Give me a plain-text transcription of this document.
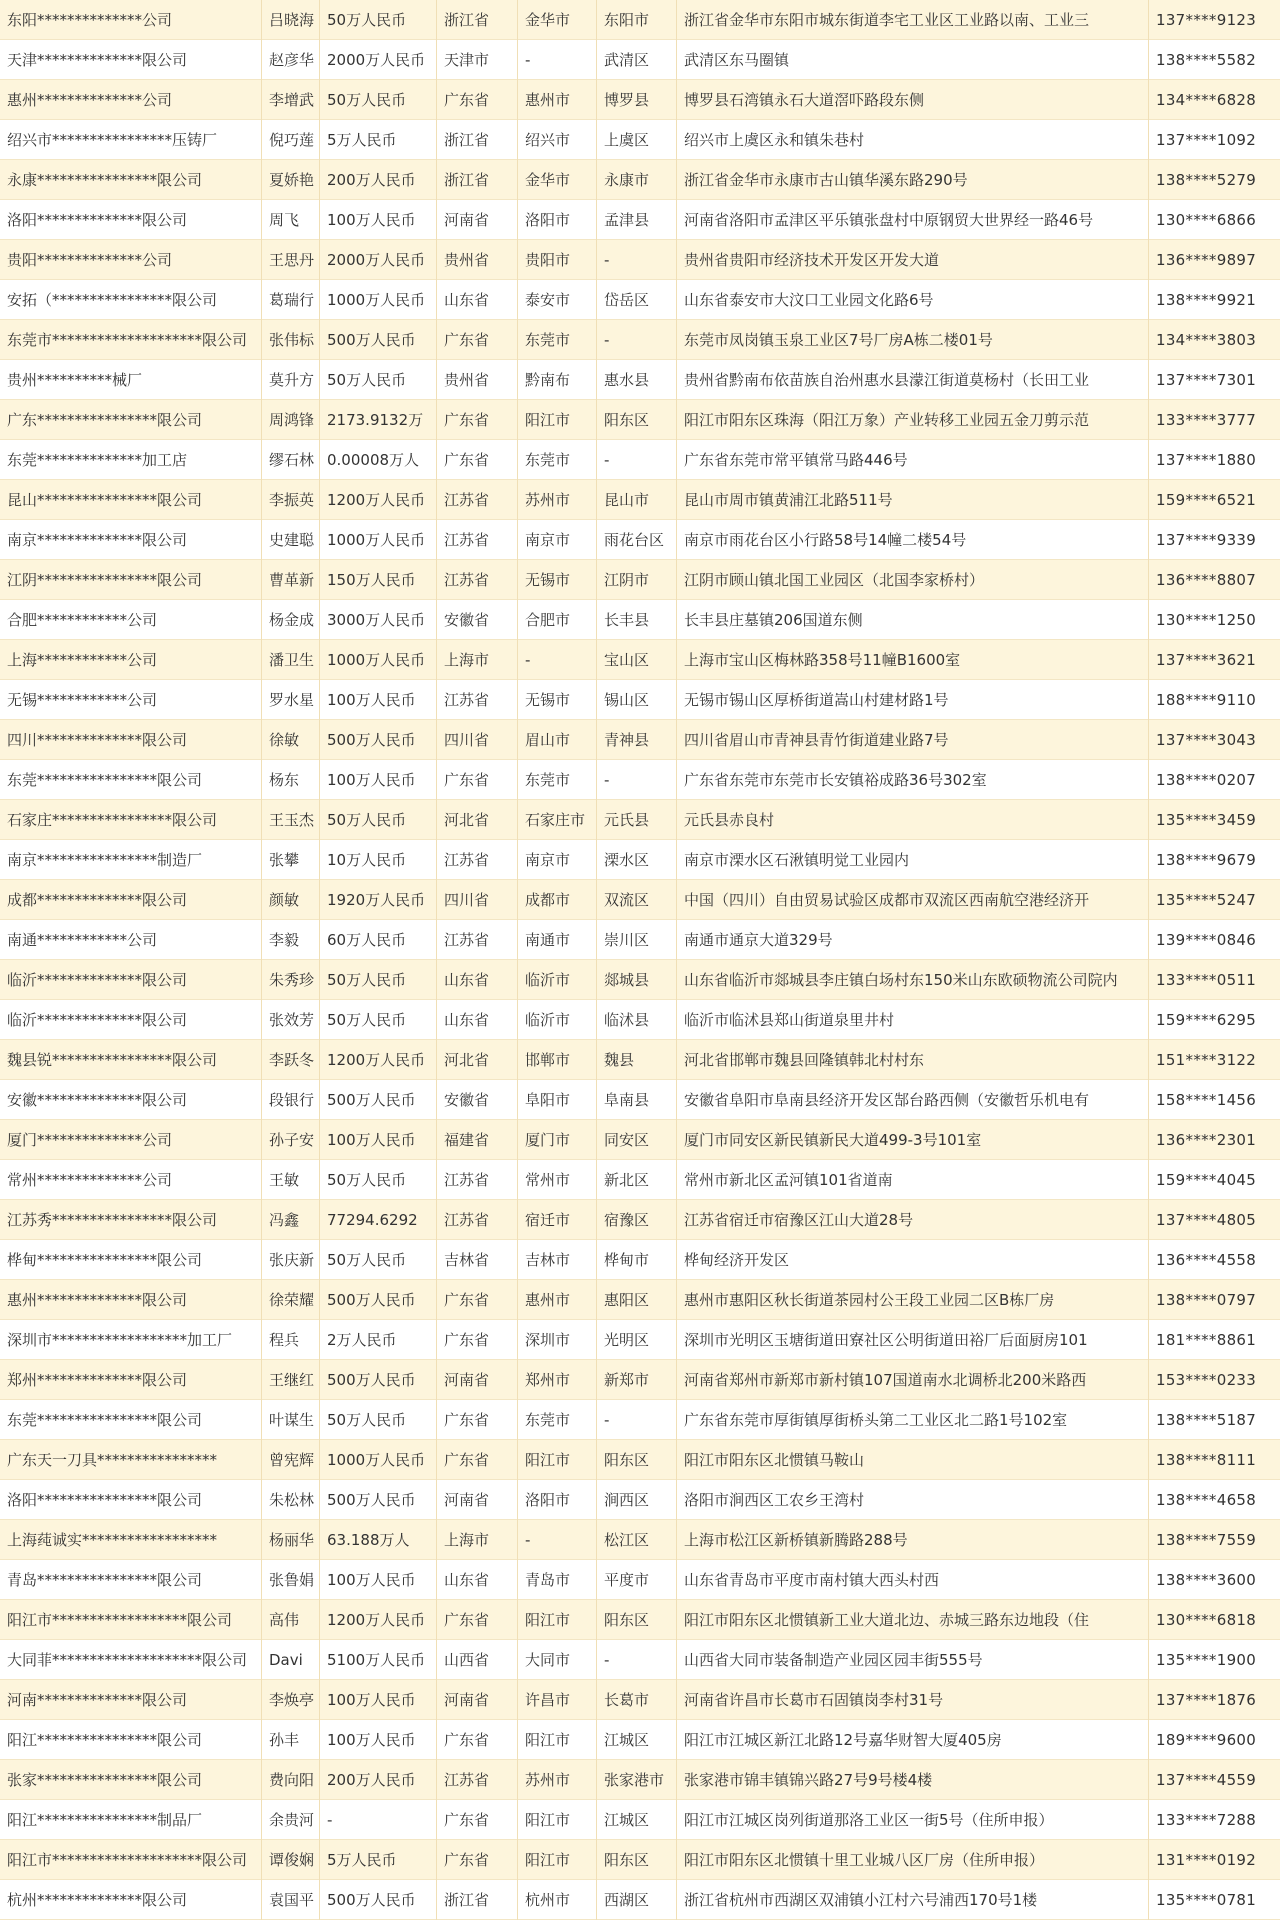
东阳**************公司	吕晓海 50万人民币	浙江省	金华市	东阳市	浙江省金华市东阳市城东街道李宅工业区工业路以南、工业三	137****9123
天津**************限公司	赵彦华 2000万人民币	天津市	-	武清区	武清区东马圈镇	138****5582
惠州**************公司	李增武 50万人民币	广东省	惠州市	博罗县	博罗县石湾镇永石大道滘吓路段东侧	134****6828
绍兴市****************压铸厂	倪巧莲 5万人民币	浙江省	绍兴市	上虞区	绍兴市上虞区永和镇朱巷村	137****1092
永康****************限公司	夏娇艳 200万人民币	浙江省	金华市	永康市	浙江省金华市永康市古山镇华溪东路290号	138****5279
洛阳**************限公司	周飞	100万人民币	河南省	洛阳市	孟津县	河南省洛阳市孟津区平乐镇张盘村中原钢贸大世界经一路46号	130****6866
贵阳**************公司	王思丹 2000万人民币	贵州省	贵阳市	-	贵州省贵阳市经济技术开发区开发大道	136****9897
安拓（****************限公司	葛瑞行 1000万人民币	山东省	泰安市	岱岳区	山东省泰安市大汶口工业园文化路6号	138****9921
东莞市********************限公司	张伟标 500万人民币	广东省	东莞市	-	东莞市凤岗镇玉泉工业区7号厂房A栋二楼01号	134****3803
贵州**********械厂	莫升方 50万人民币	贵州省	黔南布	惠水县	贵州省黔南布依苗族自治州惠水县濛江街道莫杨村（长田工业	137****7301
广东****************限公司	周鸿锋 2173.9132万	广东省	阳江市	阳东区	阳江市阳东区珠海（阳江万象）产业转移工业园五金刀剪示范	133****3777
东莞**************加工店	缪石林 0.00008万人	广东省	东莞市	-	广东省东莞市常平镇常马路446号	137****1880
昆山****************限公司	李振英 1200万人民币	江苏省	苏州市	昆山市	昆山市周市镇黄浦江北路511号	159****6521
南京**************限公司	史建聪 1000万人民币	江苏省	南京市	雨花台区	南京市雨花台区小行路58号14幢二楼54号	137****9339
江阴****************限公司	曹革新 150万人民币	江苏省	无锡市	江阴市	江阴市顾山镇北国工业园区（北国李家桥村）	136****8807
合肥************公司	杨金成 3000万人民币	安徽省	合肥市	长丰县	长丰县庄墓镇206国道东侧	130****1250
上海************公司	潘卫生 1000万人民币	上海市	-	宝山区	上海市宝山区梅林路358号11幢B1600室	137****3621
无锡************公司	罗水星 100万人民币	江苏省	无锡市	锡山区	无锡市锡山区厚桥街道嵩山村建材路1号	188****9110
四川**************限公司	徐敏	500万人民币	四川省	眉山市	青神县	四川省眉山市青神县青竹街道建业路7号	137****3043
东莞****************限公司	杨东	100万人民币	广东省	东莞市	-	广东省东莞市东莞市长安镇裕成路36号302室	138****0207
石家庄****************限公司	王玉杰 50万人民币	河北省	石家庄市	元氏县	元氏县赤良村	135****3459
南京****************制造厂	张攀	10万人民币	江苏省	南京市	溧水区	南京市溧水区石湫镇明觉工业园内	138****9679
成都**************限公司	颜敏	1920万人民币	四川省	成都市	双流区	中国（四川）自由贸易试验区成都市双流区西南航空港经济开	135****5247
南通************公司	李毅	60万人民币	江苏省	南通市	崇川区	南通市通京大道329号	139****0846
临沂**************限公司	朱秀珍 50万人民币	山东省	临沂市	郯城县	山东省临沂市郯城县李庄镇白场村东150米山东欧硕物流公司院内	133****0511
临沂**************限公司	张效芳 50万人民币	山东省	临沂市	临沭县	临沂市临沭县郑山街道泉里井村	159****6295
魏县锐****************限公司	李跃冬 1200万人民币	河北省	邯郸市	魏县	河北省邯郸市魏县回隆镇韩北村村东	151****3122
安徽**************限公司	段银行 500万人民币	安徽省	阜阳市	阜南县	安徽省阜阳市阜南县经济开发区郜台路西侧（安徽哲乐机电有	158****1456
厦门**************公司	孙子安 100万人民币	福建省	厦门市	同安区	厦门市同安区新民镇新民大道499-3号101室	136****2301
常州**************公司	王敏	50万人民币	江苏省	常州市	新北区	常州市新北区孟河镇101省道南	159****4045
江苏秀****************限公司	冯鑫	77294.6292	江苏省	宿迁市	宿豫区	江苏省宿迁市宿豫区江山大道28号	137****4805
桦甸****************限公司	张庆新 50万人民币	吉林省	吉林市	桦甸市	桦甸经济开发区	136****4558
惠州**************限公司	徐荣耀 500万人民币	广东省	惠州市	惠阳区	惠州市惠阳区秋长街道茶园村公王段工业园二区B栋厂房	138****0797
深圳市******************加工厂	程兵	2万人民币	广东省	深圳市	光明区	深圳市光明区玉塘街道田寮社区公明街道田裕厂后面厨房101	181****8861
郑州**************限公司	王继红 500万人民币	河南省	郑州市	新郑市	河南省郑州市新郑市新村镇107国道南水北调桥北200米路西	153****0233
东莞****************限公司	叶谋生 50万人民币	广东省	东莞市	-	广东省东莞市厚街镇厚街桥头第二工业区北二路1号102室	138****5187
广东天一刀具****************	曾宪辉 1000万人民币	广东省	阳江市	阳东区	阳江市阳东区北惯镇马鞍山	138****8111
洛阳****************限公司	朱松林 500万人民币	河南省	洛阳市	涧西区	洛阳市涧西区工农乡王湾村	138****4658
上海莼诚实******************	杨丽华 63.188万人	上海市	-	松江区	上海市松江区新桥镇新腾路288号	138****7559
青岛****************限公司	张鲁娟 100万人民币	山东省	青岛市	平度市	山东省青岛市平度市南村镇大西头村西	138****3600
阳江市******************限公司	高伟	1200万人民币	广东省	阳江市	阳东区	阳江市阳东区北惯镇新工业大道北边、赤城三路东边地段（住	130****6818
大同菲********************限公司	Davi	5100万人民币	山西省	大同市	-	山西省大同市装备制造产业园区园丰街555号	135****1900
河南**************限公司	李焕亭 100万人民币	河南省	许昌市	长葛市	河南省许昌市长葛市石固镇岗李村31号	137****1876
阳江****************限公司	孙丰	100万人民币	广东省	阳江市	江城区	阳江市江城区新江北路12号嘉华财智大厦405房	189****9600
张家****************限公司	费向阳 200万人民币	江苏省	苏州市	张家港市	张家港市锦丰镇锦兴路27号9号楼4楼	137****4559
阳江****************制品厂	余贵河 -	广东省	阳江市	江城区	阳江市江城区岗列街道那洛工业区一街5号（住所申报）	133****7288
阳江市********************限公司	谭俊娴 5万人民币	广东省	阳江市	阳东区	阳江市阳东区北惯镇十里工业城八区厂房（住所申报）	131****0192
杭州**************限公司	袁国平 500万人民币	浙江省	杭州市	西湖区	浙江省杭州市西湖区双浦镇小江村六号浦西170号1楼	135****0781
